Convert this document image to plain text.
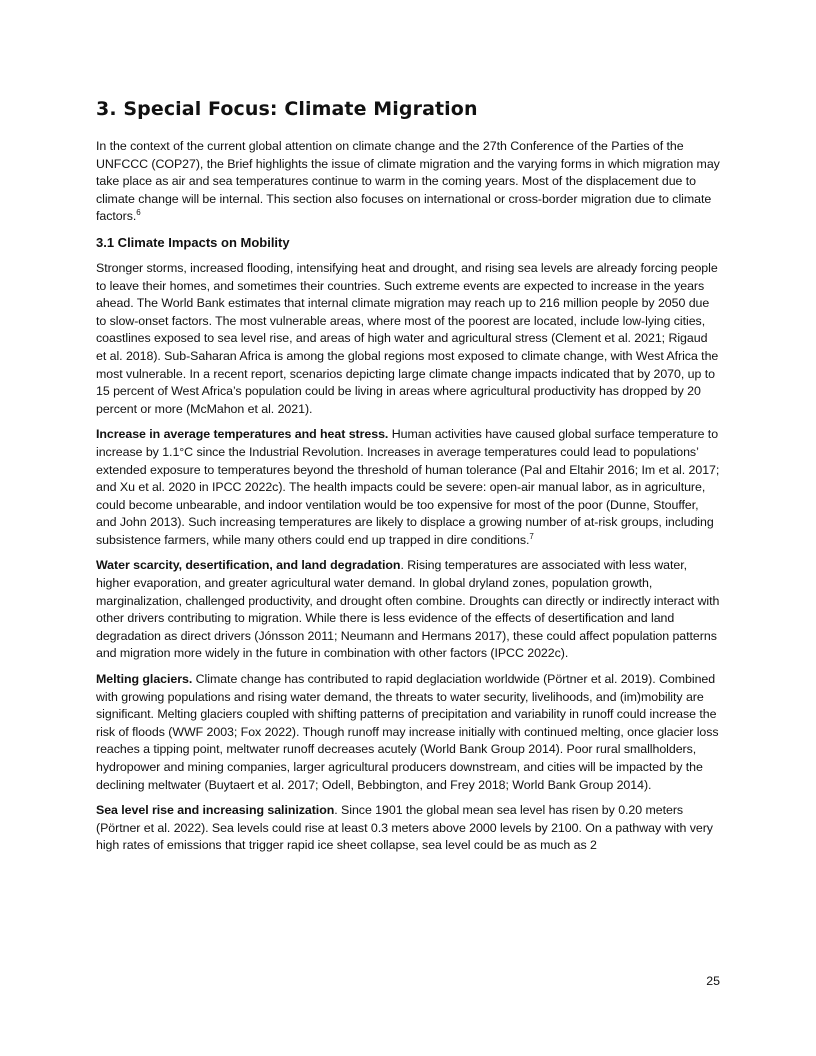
3. Special Focus: Climate Migration

In the context of the current global attention on climate change and the 27th Conference of the Parties of the UNFCCC (COP27), the Brief highlights the issue of climate migration and the varying forms in which migration may take place as air and sea temperatures continue to warm in the coming years. Most of the displacement due to climate change will be internal. This section also focuses on international or cross-border migration due to climate factors.$^6$

3.1 Climate Impacts on Mobility

Stronger storms, increased flooding, intensifying heat and drought, and rising sea levels are already forcing people to leave their homes, and sometimes their countries. Such extreme events are expected to increase in the years ahead. The World Bank estimates that internal climate migration may reach up to 216 million people by 2050 due to slow-onset factors. The most vulnerable areas, where most of the poorest are located, include low-lying cities, coastlines exposed to sea level rise, and areas of high water and agricultural stress (Clement et al. 2021; Rigaud et al. 2018). Sub-Saharan Africa is among the global regions most exposed to climate change, with West Africa the most vulnerable. In a recent report, scenarios depicting large climate change impacts indicated that by 2070, up to 15 percent of West Africa’s population could be living in areas where agricultural productivity has dropped by 20 percent or more (McMahon et al. 2021).

Increase in average temperatures and heat stress. Human activities have caused global surface temperature to increase by 1.1°C since the Industrial Revolution. Increases in average temperatures could lead to populations’ extended exposure to temperatures beyond the threshold of human tolerance (Pal and Eltahir 2016; Im et al. 2017; and Xu et al. 2020 in IPCC 2022c). The health impacts could be severe: open-air manual labor, as in agriculture, could become unbearable, and indoor ventilation would be too expensive for most of the poor (Dunne, Stouffer, and John 2013). Such increasing temperatures are likely to displace a growing number of at-risk groups, including subsistence farmers, while many others could end up trapped in dire conditions.$^7$

Water scarcity, desertification, and land degradation. Rising temperatures are associated with less water, higher evaporation, and greater agricultural water demand. In global dryland zones, population growth, marginalization, challenged productivity, and drought often combine. Droughts can directly or indirectly interact with other drivers contributing to migration. While there is less evidence of the effects of desertification and land degradation as direct drivers (Jónsson 2011; Neumann and Hermans 2017), these could affect population patterns and migration more widely in the future in combination with other factors (IPCC 2022c).

Melting glaciers. Climate change has contributed to rapid deglaciation worldwide (Pörtner et al. 2019). Combined with growing populations and rising water demand, the threats to water security, livelihoods, and (im)mobility are significant. Melting glaciers coupled with shifting patterns of precipitation and variability in runoff could increase the risk of floods (WWF 2003; Fox 2022). Though runoff may increase initially with continued melting, once glacier loss reaches a tipping point, meltwater runoff decreases acutely (World Bank Group 2014). Poor rural smallholders, hydropower and mining companies, larger agricultural producers downstream, and cities will be impacted by the declining meltwater (Buytaert et al. 2017; Odell, Bebbington, and Frey 2018; World Bank Group 2014).

Sea level rise and increasing salinization. Since 1901 the global mean sea level has risen by 0.20 meters (Pörtner et al. 2022). Sea levels could rise at least 0.3 meters above 2000 levels by 2100. On a pathway with very high rates of emissions that trigger rapid ice sheet collapse, sea level could be as much as 2

25
